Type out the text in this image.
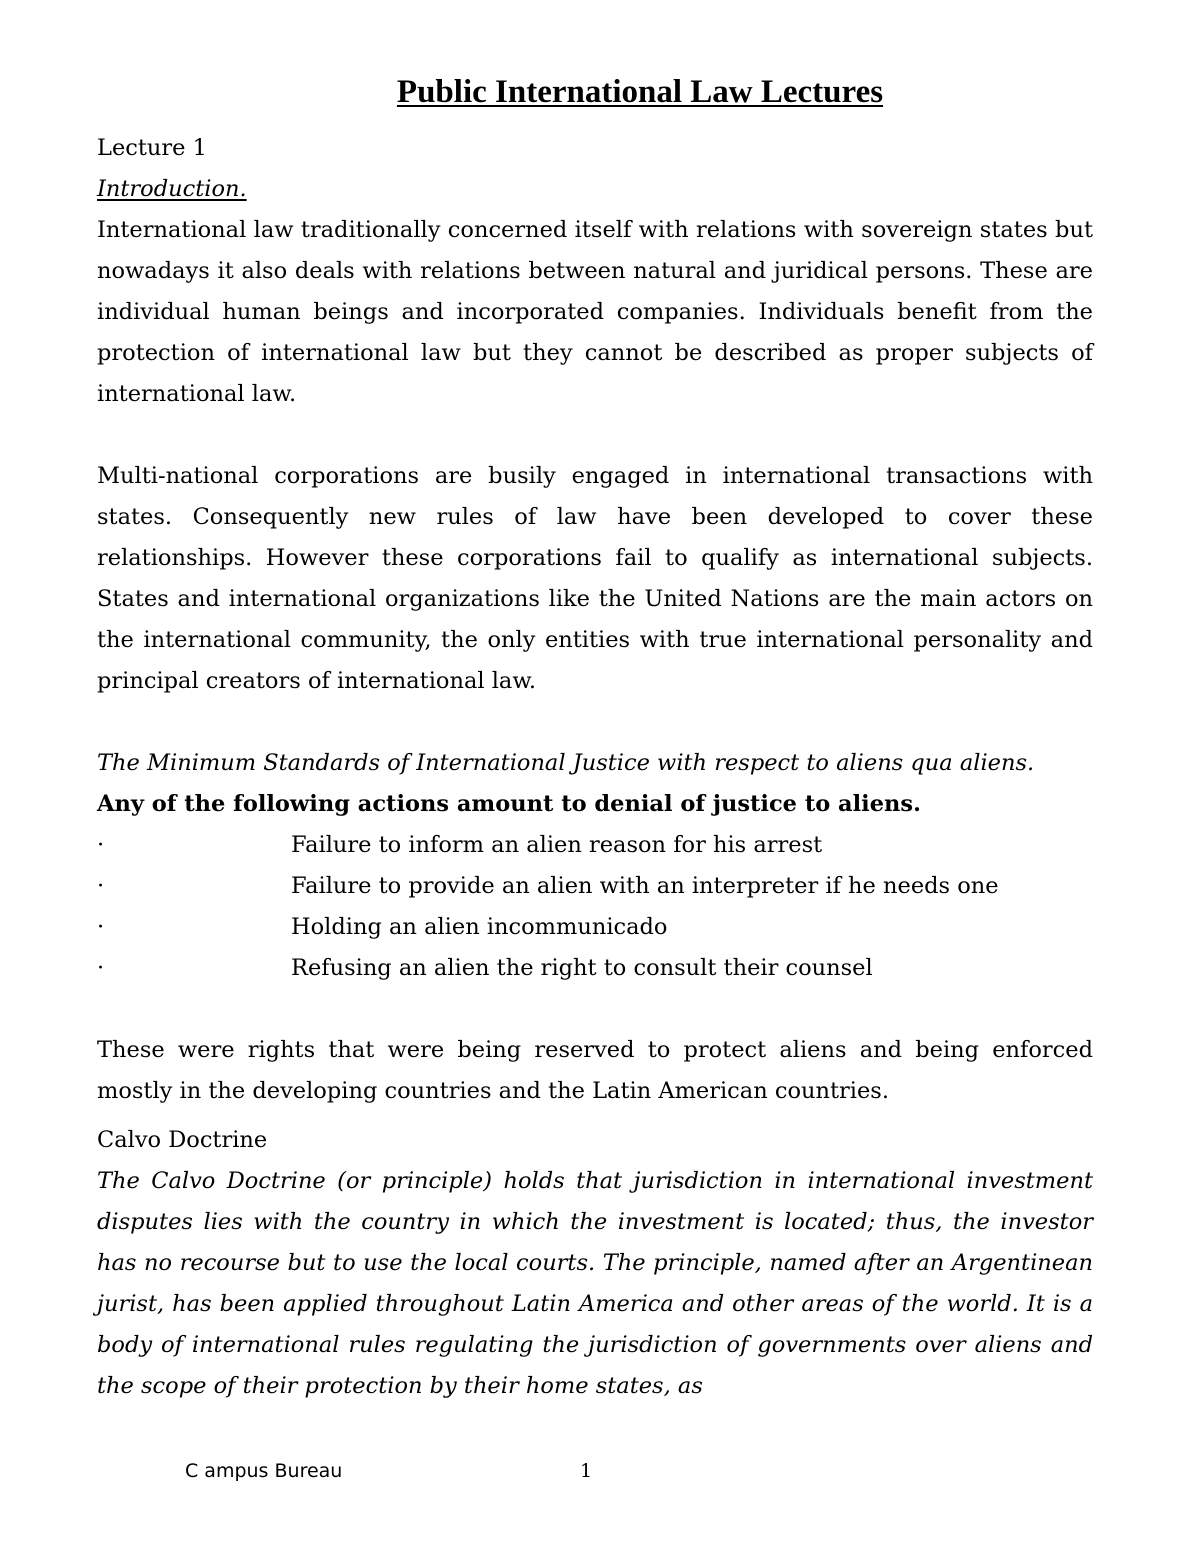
Public International Law Lectures

Lecture 1

Introduction.

International law traditionally concerned itself with relations with sovereign states but nowadays it also deals with relations between natural and juridical persons. These are individual human beings and incorporated companies. Individuals benefit from the protection of international law but they cannot be described as proper subjects of international law.

Multi-national corporations are busily engaged in international transactions with states. Consequently new rules of law have been developed to cover these relationships. However these corporations fail to qualify as international subjects. States and international organizations like the United Nations are the main actors on the international community, the only entities with true international personality and principal creators of international law.

The Minimum Standards of International Justice with respect to aliens qua aliens.

Any of the following actions amount to denial of justice to aliens.

·	Failure to inform an alien reason for his arrest
·	Failure to provide an alien with an interpreter if he needs one
·	Holding an alien incommunicado
·	Refusing an alien the right to consult their counsel

These were rights that were being reserved to protect aliens and being enforced mostly in the developing countries and the Latin American countries.

Calvo Doctrine

The Calvo Doctrine (or principle) holds that jurisdiction in international investment disputes lies with the country in which the investment is located; thus, the investor has no recourse but to use the local courts. The principle, named after an Argentinean jurist, has been applied throughout Latin America and other areas of the world. It is a body of international rules regulating the jurisdiction of governments over aliens and the scope of their protection by their home states, as

C ampus Bureau	1
